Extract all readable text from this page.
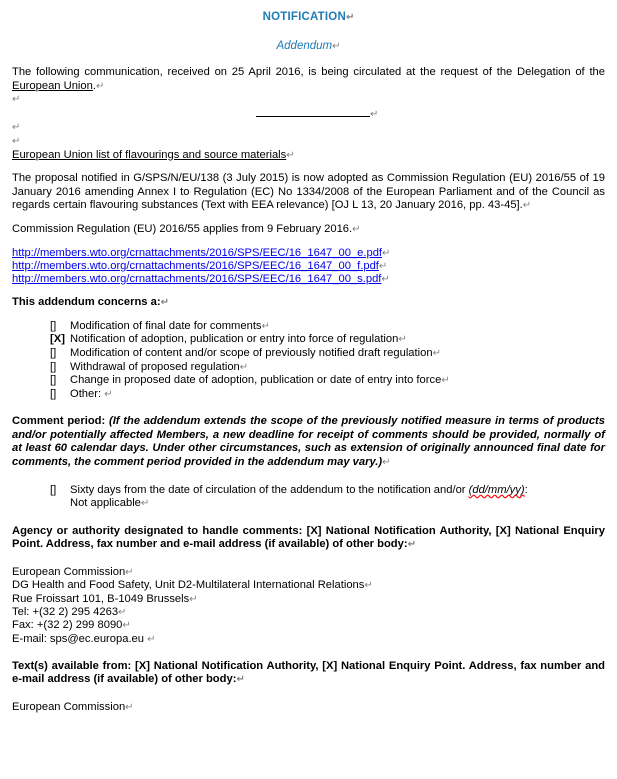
NOTIFICATION↵
Addendum↵

The following communication, received on 25 April 2016, is being circulated at the request of the Delegation of the European Union.↵

↵

↵

↵

↵

European Union list of flavourings and source materials↵

The proposal notified in G/SPS/N/EU/138 (3 July 2015) is now adopted as Commission Regulation (EU) 2016/55 of 19 January 2016 amending Annex I to Regulation (EC) No 1334/2008 of the European Parliament and of the Council as regards certain flavouring substances (Text with EEA relevance) [OJ L 13, 20 January 2016, pp. 43-45].↵

Commission Regulation (EU) 2016/55 applies from 9 February 2016.↵

http://members.wto.org/crnattachments/2016/SPS/EEC/16_1647_00_e.pdf↵

http://members.wto.org/crnattachments/2016/SPS/EEC/16_1647_00_f.pdf↵

http://members.wto.org/crnattachments/2016/SPS/EEC/16_1647_00_s.pdf↵

This addendum concerns a:↵

[] Modification of final date for comments↵
[X] Notification of adoption, publication or entry into force of regulation↵
[] Modification of content and/or scope of previously notified draft regulation↵
[] Withdrawal of proposed regulation↵
[] Change in proposed date of adoption, publication or date of entry into force↵
[] Other: ↵

Comment period: (If the addendum extends the scope of the previously notified measure in terms of products and/or potentially affected Members, a new deadline for receipt of comments should be provided, normally of at least 60 calendar days. Under other circumstances, such as extension of originally announced final date for comments, the comment period provided in the addendum may vary.)↵

[] Sixty days from the date of circulation of the addendum to the notification and/or (dd/mm/yy):

Not applicable↵

Agency or authority designated to handle comments: [X] National Notification Authority, [X] National Enquiry Point. Address, fax number and e-mail address (if available) of other body:↵

European Commission↵

DG Health and Food Safety, Unit D2-Multilateral International Relations↵

Rue Froissart 101, B-1049 Brussels↵

Tel: +(32 2) 295 4263↵

Fax: +(32 2) 299 8090↵

E-mail: sps@ec.europa.eu ↵

Text(s) available from: [X] National Notification Authority, [X] National Enquiry Point. Address, fax number and e-mail address (if available) of other body:↵

European Commission↵
